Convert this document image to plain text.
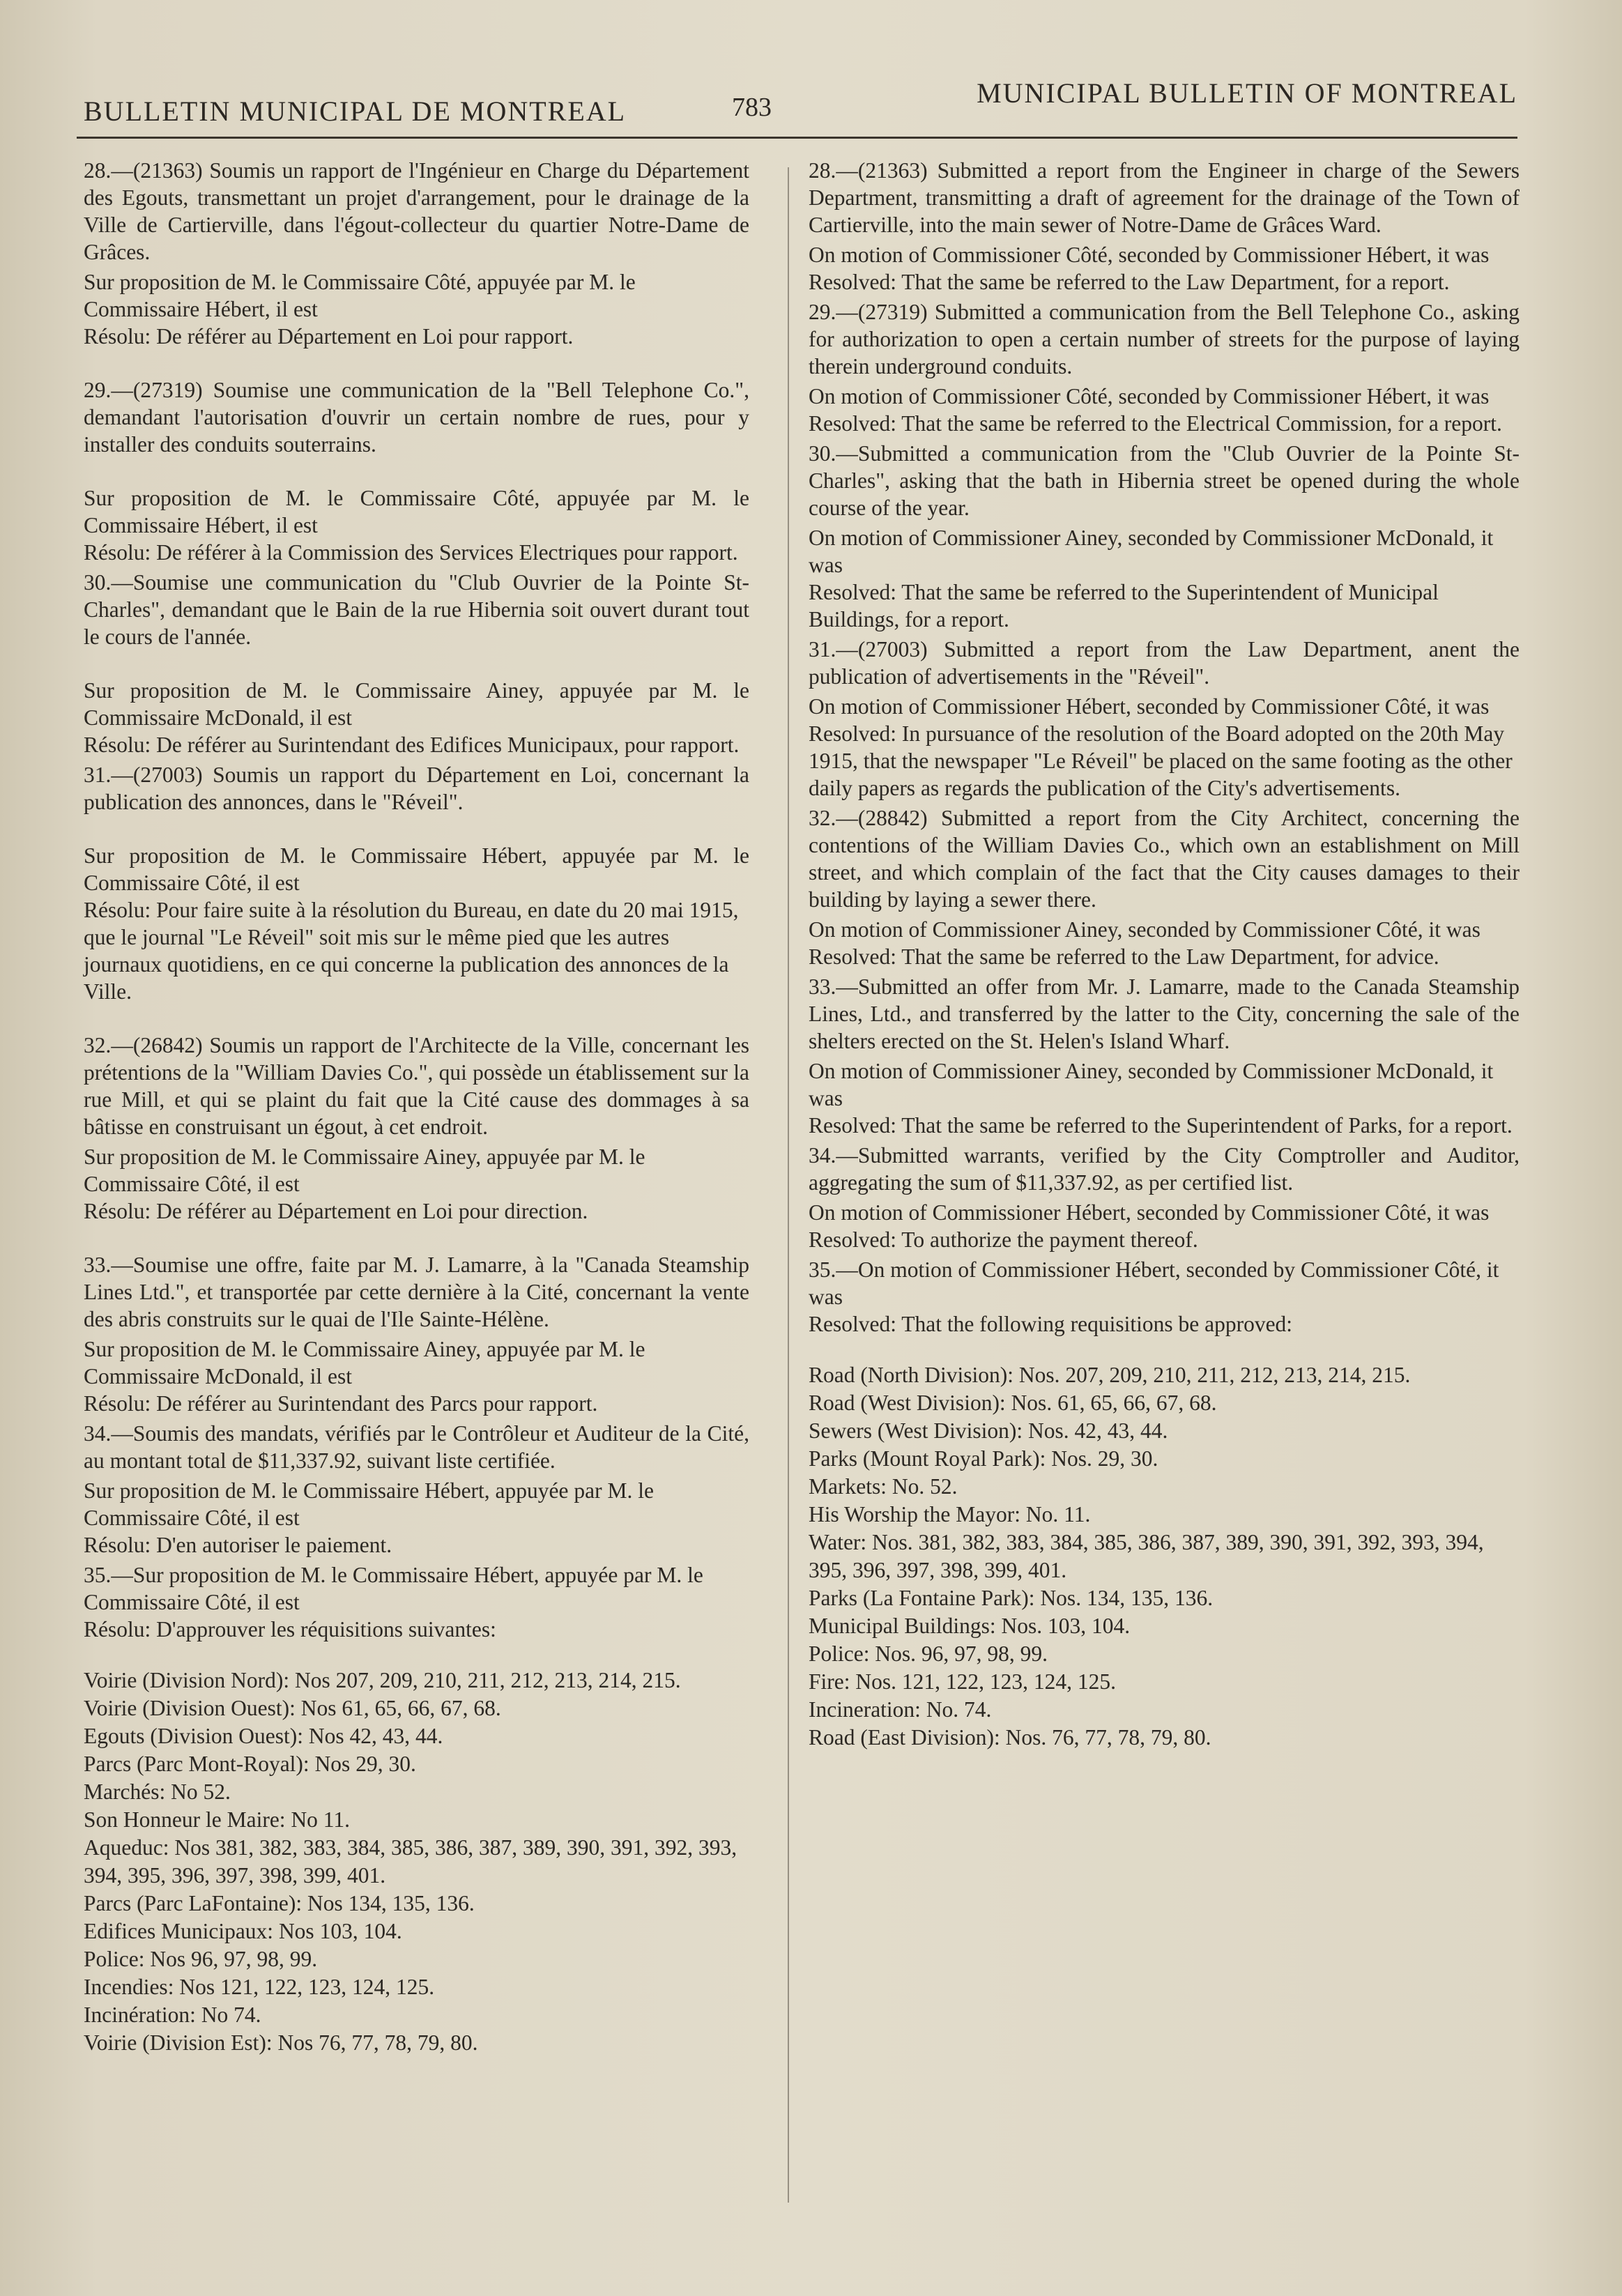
BULLETIN MUNICIPAL DE MONTREAL	783	MUNICIPAL BULLETIN OF MONTREAL

28.—(21363) Soumis un rapport de l'Ingénieur en Charge du Département des Egouts, transmettant un projet d'arrangement, pour le drainage de la Ville de Cartierville, dans l'égout-collecteur du quartier Notre-Dame de Grâces.

Sur proposition de M. le Commissaire Côté, appuyée par M. le Commissaire Hébert, il est

Résolu: De référer au Département en Loi pour rapport.

29.—(27319) Soumise une communication de la "Bell Telephone Co.", demandant l'autorisation d'ouvrir un certain nombre de rues, pour y installer des conduits souterrains.

Sur proposition de M. le Commissaire Côté, appuyée par M. le Commissaire Hébert, il est

Résolu: De référer à la Commission des Services Electriques pour rapport.

30.—Soumise une communication du "Club Ouvrier de la Pointe St-Charles", demandant que le Bain de la rue Hibernia soit ouvert durant tout le cours de l'année.

Sur proposition de M. le Commissaire Ainey, appuyée par M. le Commissaire McDonald, il est

Résolu: De référer au Surintendant des Edifices Municipaux, pour rapport.

31.—(27003) Soumis un rapport du Département en Loi, concernant la publication des annonces, dans le "Réveil".

Sur proposition de M. le Commissaire Hébert, appuyée par M. le Commissaire Côté, il est

Résolu: Pour faire suite à la résolution du Bureau, en date du 20 mai 1915, que le journal "Le Réveil" soit mis sur le même pied que les autres journaux quotidiens, en ce qui concerne la publication des annonces de la Ville.

32.—(26842) Soumis un rapport de l'Architecte de la Ville, concernant les prétentions de la "William Davies Co.", qui possède un établissement sur la rue Mill, et qui se plaint du fait que la Cité cause des dommages à sa bâtisse en construisant un égout, à cet endroit.

Sur proposition de M. le Commissaire Ainey, appuyée par M. le Commissaire Côté, il est

Résolu: De référer au Département en Loi pour direction.

33.—Soumise une offre, faite par M. J. Lamarre, à la "Canada Steamship Lines Ltd.", et transportée par cette dernière à la Cité, concernant la vente des abris construits sur le quai de l'Ile Sainte-Hélène.

Sur proposition de M. le Commissaire Ainey, appuyée par M. le Commissaire McDonald, il est

Résolu: De référer au Surintendant des Parcs pour rapport.

34.—Soumis des mandats, vérifiés par le Contrôleur et Auditeur de la Cité, au montant total de $11,337.92, suivant liste certifiée.

Sur proposition de M. le Commissaire Hébert, appuyée par M. le Commissaire Côté, il est

Résolu: D'en autoriser le paiement.

35.—Sur proposition de M. le Commissaire Hébert, appuyée par M. le Commissaire Côté, il est

Résolu: D'approuver les réquisitions suivantes:

Voirie (Division Nord): Nos 207, 209, 210, 211, 212, 213, 214, 215.

Voirie (Division Ouest): Nos 61, 65, 66, 67, 68.

Egouts (Division Ouest): Nos 42, 43, 44.

Parcs (Parc Mont-Royal): Nos 29, 30.

Marchés: No 52.

Son Honneur le Maire: No 11.

Aqueduc: Nos 381, 382, 383, 384, 385, 386, 387, 389, 390, 391, 392, 393, 394, 395, 396, 397, 398, 399, 401.

Parcs (Parc LaFontaine): Nos 134, 135, 136.

Edifices Municipaux: Nos 103, 104.

Police: Nos 96, 97, 98, 99.

Incendies: Nos 121, 122, 123, 124, 125.

Incinération: No 74.

Voirie (Division Est): Nos 76, 77, 78, 79, 80.

28.—(21363) Submitted a report from the Engineer in charge of the Sewers Department, transmitting a draft of agreement for the drainage of the Town of Cartierville, into the main sewer of Notre-Dame de Grâces Ward.

On motion of Commissioner Côté, seconded by Commissioner Hébert, it was

Resolved: That the same be referred to the Law Department, for a report.

29.—(27319) Submitted a communication from the Bell Telephone Co., asking for authorization to open a certain number of streets for the purpose of laying therein underground conduits.

On motion of Commissioner Côté, seconded by Commissioner Hébert, it was

Resolved: That the same be referred to the Electrical Commission, for a report.

30.—Submitted a communication from the "Club Ouvrier de la Pointe St-Charles", asking that the bath in Hibernia street be opened during the whole course of the year.

On motion of Commissioner Ainey, seconded by Commissioner McDonald, it was

Resolved: That the same be referred to the Superintendent of Municipal Buildings, for a report.

31.—(27003) Submitted a report from the Law Department, anent the publication of advertisements in the "Réveil".

On motion of Commissioner Hébert, seconded by Commissioner Côté, it was

Resolved: In pursuance of the resolution of the Board adopted on the 20th May 1915, that the newspaper "Le Réveil" be placed on the same footing as the other daily papers as regards the publication of the City's advertisements.

32.—(28842) Submitted a report from the City Architect, concerning the contentions of the William Davies Co., which own an establishment on Mill street, and which complain of the fact that the City causes damages to their building by laying a sewer there.

On motion of Commissioner Ainey, seconded by Commissioner Côté, it was

Resolved: That the same be referred to the Law Department, for advice.

33.—Submitted an offer from Mr. J. Lamarre, made to the Canada Steamship Lines, Ltd., and transferred by the latter to the City, concerning the sale of the shelters erected on the St. Helen's Island Wharf.

On motion of Commissioner Ainey, seconded by Commissioner McDonald, it was

Resolved: That the same be referred to the Superintendent of Parks, for a report.

34.—Submitted warrants, verified by the City Comptroller and Auditor, aggregating the sum of $11,337.92, as per certified list.

On motion of Commissioner Hébert, seconded by Commissioner Côté, it was

Resolved: To authorize the payment thereof.

35.—On motion of Commissioner Hébert, seconded by Commissioner Côté, it was

Resolved: That the following requisitions be approved:

Road (North Division): Nos. 207, 209, 210, 211, 212, 213, 214, 215.

Road (West Division): Nos. 61, 65, 66, 67, 68.

Sewers (West Division): Nos. 42, 43, 44.

Parks (Mount Royal Park): Nos. 29, 30.

Markets: No. 52.

His Worship the Mayor: No. 11.

Water: Nos. 381, 382, 383, 384, 385, 386, 387, 389, 390, 391, 392, 393, 394, 395, 396, 397, 398, 399, 401.

Parks (La Fontaine Park): Nos. 134, 135, 136.

Municipal Buildings: Nos. 103, 104.

Police: Nos. 96, 97, 98, 99.

Fire: Nos. 121, 122, 123, 124, 125.

Incineration: No. 74.

Road (East Division): Nos. 76, 77, 78, 79, 80.
